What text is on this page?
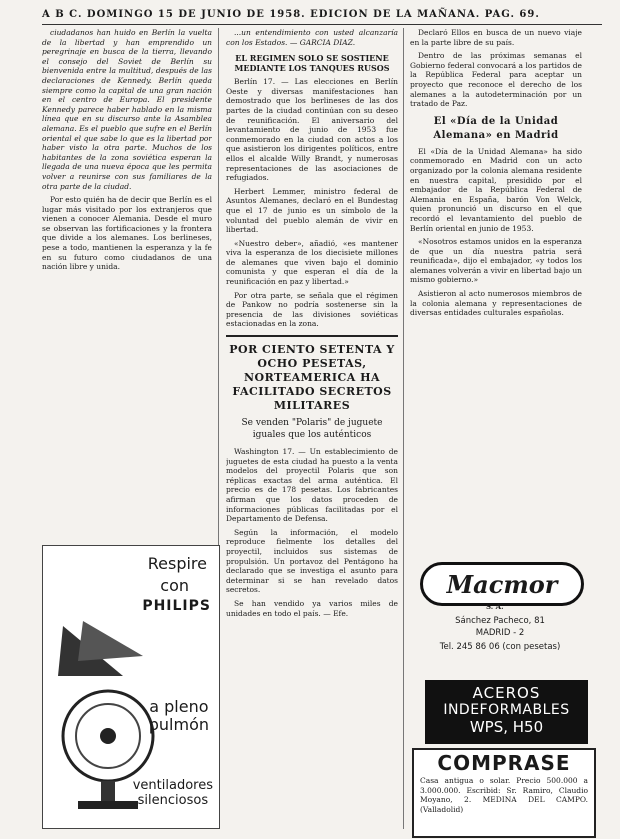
A B C. DOMINGO 15 DE JUNIO DE 1958. EDICION DE LA MAÑANA. PAG. 69.

ciudadanos han huido en Berlín la vuelta de la libertad y han emprendido un peregrinaje en busca de la tierra, llevando el consejo del Soviet de Berlín su bienvenida entre la multitud, después de las declaraciones de Kennedy. Berlín queda siempre como la capital de una gran nación en el centro de Europa. El presidente Kennedy parece haber hablado en la misma línea que en su discurso ante la Asamblea alemana. Es el pueblo que sufre en el Berlín oriental el que sabe lo que es la libertad por haber visto la otra parte. Muchos de los habitantes de la zona soviética esperan la llegada de una nueva época que les permita volver a reunirse con sus familiares de la otra parte de la ciudad.

Por esto quién ha de decir que Berlín es el lugar más visitado por los extranjeros que vienen a conocer Alemania. Desde el muro se observan las fortificaciones y la frontera que divide a los alemanes. Los berlineses, pese a todo, mantienen la esperanza y la fe en su futuro como ciudadanos de una nación libre y unida.

Respire
con
PHILIPS
a pleno
pulmón
ventiladores
silenciosos

...un entendimiento con usted alcanzaría con los Estados. — GARCIA DIAZ.

EL REGIMEN SOLO SE SOSTIENE MEDIANTE LOS TANQUES RUSOS

Berlín 17. — Las elecciones en Berlín Oeste y diversas manifestaciones han demostrado que los berlineses de las dos partes de la ciudad continúan con su deseo de reunificación. El aniversario del levantamiento de junio de 1953 fue conmemorado en la ciudad con actos a los que asistieron los dirigentes políticos, entre ellos el alcalde Willy Brandt, y numerosas representaciones de las asociaciones de refugiados.

Herbert Lemmer, ministro federal de Asuntos Alemanes, declaró en el Bundestag que el 17 de junio es un símbolo de la voluntad del pueblo alemán de vivir en libertad.

«Nuestro deber», añadió, «es mantener viva la esperanza de los diecisiete millones de alemanes que viven bajo el dominio comunista y que esperan el día de la reunificación en paz y libertad.»

Por otra parte, se señala que el régimen de Pankow no podría sostenerse sin la presencia de las divisiones soviéticas estacionadas en la zona.

POR CIENTO SETENTA Y OCHO PESETAS, NORTEAMERICA HA FACILITADO SECRETOS MILITARES
Se venden "Polaris" de juguete iguales que los auténticos

Washington 17. — Un establecimiento de juguetes de esta ciudad ha puesto a la venta modelos del proyectil Polaris que son réplicas exactas del arma auténtica. El precio es de 178 pesetas. Los fabricantes afirman que los datos proceden de informaciones públicas facilitadas por el Departamento de Defensa.

Según la información, el modelo reproduce fielmente los detalles del proyectil, incluidos sus sistemas de propulsión. Un portavoz del Pentágono ha declarado que se investiga el asunto para determinar si se han revelado datos secretos.

Se han vendido ya varios miles de unidades en todo el país. — Efe.

Declaró Ellos en busca de un nuevo viaje en la parte libre de su país.

Dentro de las próximas semanas el Gobierno federal convocará a los partidos de la República Federal para aceptar un proyecto que reconoce el derecho de los alemanes a la autodeterminación por un tratado de Paz.

El «Día de la Unidad Alemana» en Madrid

El «Día de la Unidad Alemana» ha sido conmemorado en Madrid con un acto organizado por la colonia alemana residente en nuestra capital, presidido por el embajador de la República Federal de Alemania en España, barón Von Welck, quien pronunció un discurso en el que recordó el levantamiento del pueblo de Berlín oriental en junio de 1953.

«Nosotros estamos unidos en la esperanza de que un día nuestra patria será reunificada», dijo el embajador, «y todos los alemanes volverán a vivir en libertad bajo un mismo gobierno.»

Asistieron al acto numerosos miembros de la colonia alemana y representaciones de diversas entidades culturales españolas.

Macmor
S. A.
Sánchez Pacheco, 81
MADRID - 2
Tel. 245 86 06 (con pesetas)
ACEROS
INDEFORMABLES
WPS, H50
COMPRASE
Casa antigua o solar. Precio 500.000 a 3.000.000. Escribid: Sr. Ramiro, Claudio Moyano, 2. MEDINA DEL CAMPO. (Valladolid)
